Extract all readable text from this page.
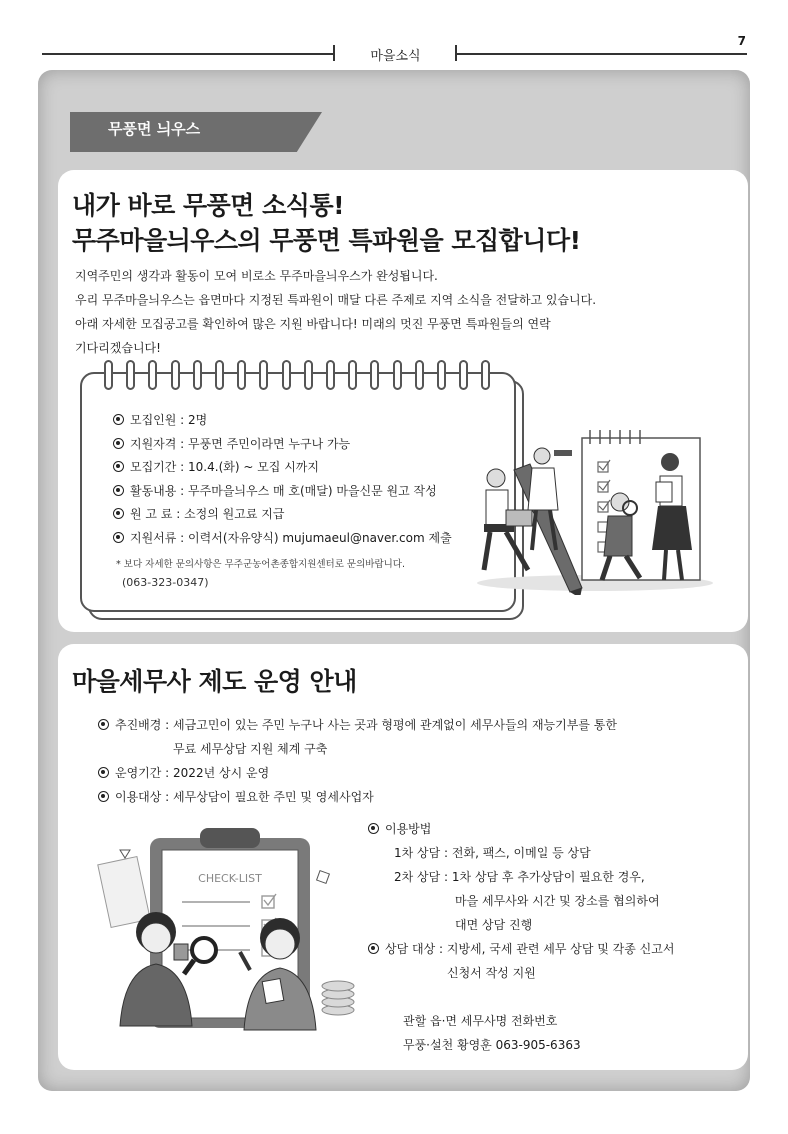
7
마을소식
무풍면 늬우스
내가 바로 무풍면 소식통!
무주마을늬우스의 무풍면 특파원을 모집합니다!
지역주민의 생각과 활동이 모여 비로소 무주마을늬우스가 완성됩니다.
우리 무주마을늬우스는 읍면마다 지정된 특파원이 매달 다른 주제로 지역 소식을 전달하고 있습니다.
아래 자세한 모집공고를 확인하여 많은 지원 바랍니다! 미래의 멋진 무풍면 특파원들의 연락
기다리겠습니다!
모집인원 : 2명
지원자격 : 무풍면 주민이라면 누구나 가능
모집기간 : 10.4.(화) ~ 모집 시까지
활동내용 : 무주마을늬우스 매 호(매달) 마을신문 원고 작성
원 고 료 : 소정의 원고료 지급
지원서류 : 이력서(자유양식) mujumaeul@naver.com 제출
* 보다 자세한 문의사항은 무주군농어촌종합지원센터로 문의바랍니다.
(063-323-0347)
마을세무사 제도 운영 안내
추진배경 : 세금고민이 있는 주민 누구나 사는 곳과 형평에 관계없이 세무사들의 재능기부를 통한
무료 세무상담 지원 체계 구축
운영기간 : 2022년 상시 운영
이용대상 : 세무상담이 필요한 주민 및 영세사업자
이용방법
1차 상담 : 전화, 팩스, 이메일 등 상담
2차 상담 : 1차 상담 후 추가상담이 필요한 경우,
마을 세무사와 시간 및 장소를 협의하여
대면 상담 진행
상담 대상 : 지방세, 국세 관련 세무 상담 및 각종 신고서
신청서 작성 지원
관할 읍·면 세무사명 전화번호
무풍·설천 황영훈 063-905-6363
CHECK-LIST
